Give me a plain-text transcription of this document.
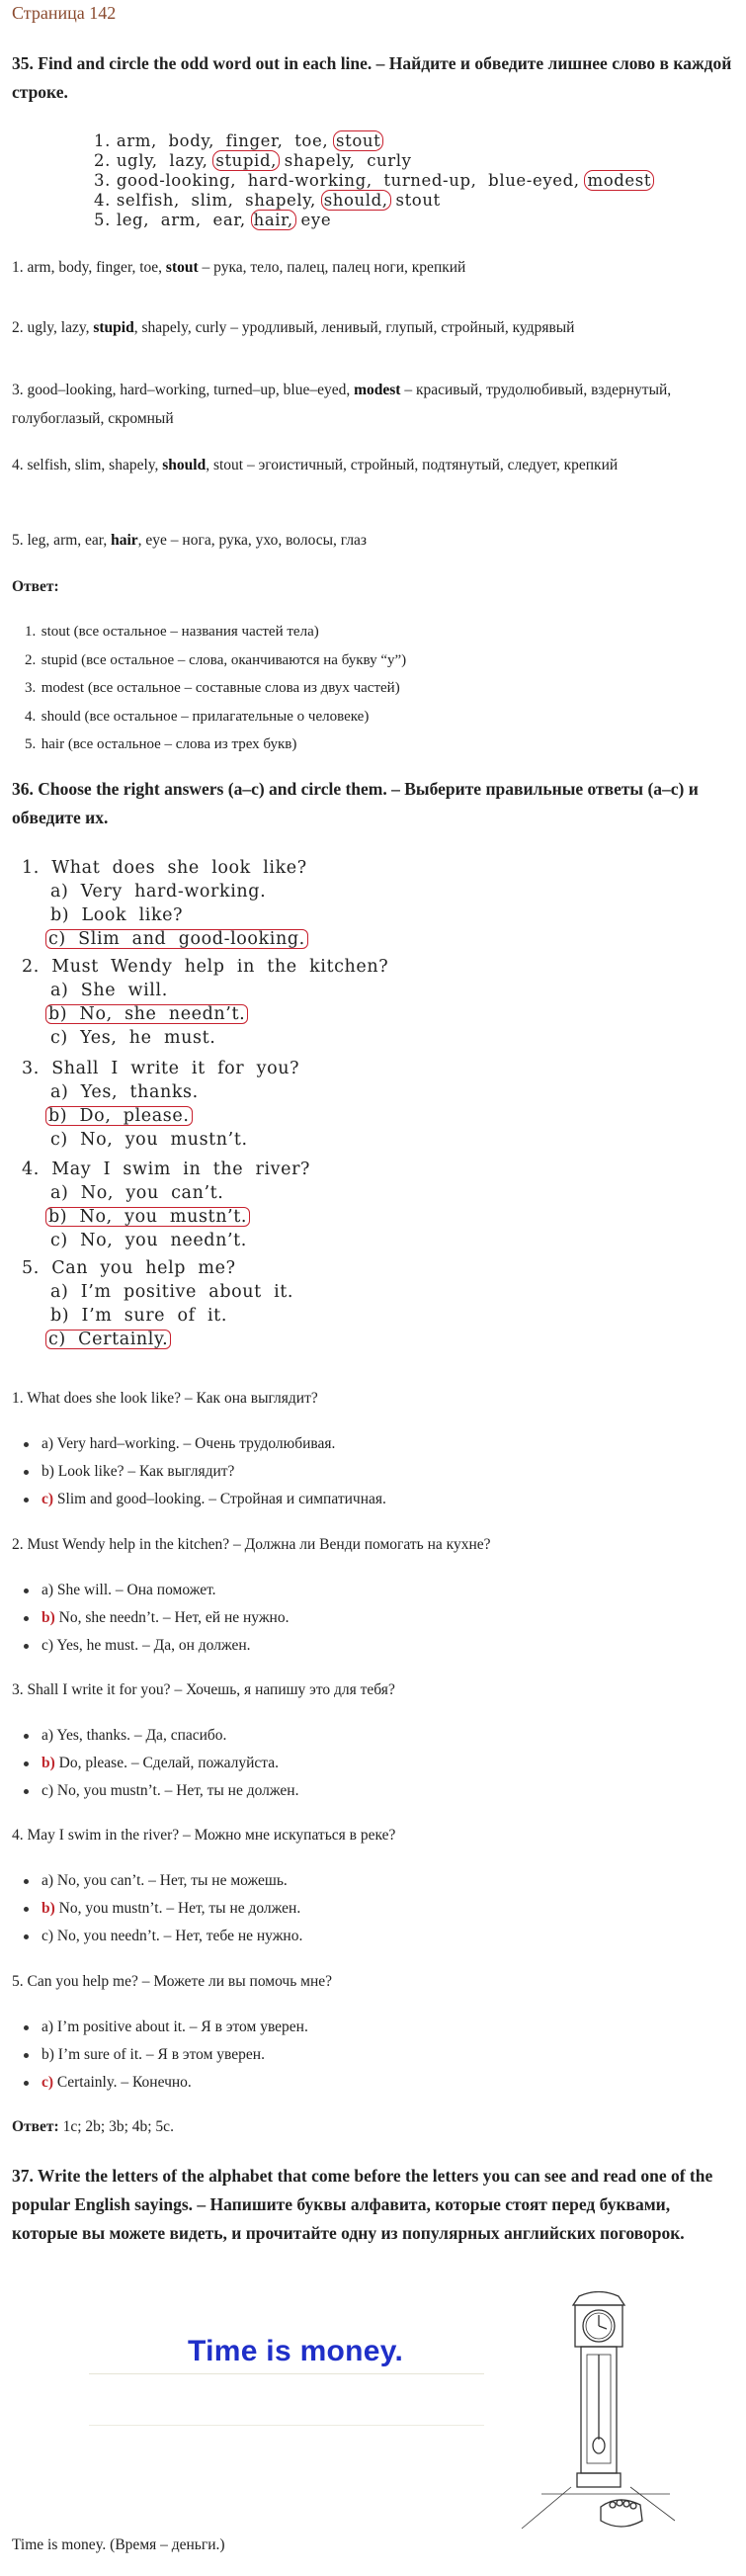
Страница 142
35. Find and circle the odd word out in each line. – Найдите и обведите лишнее слово в каждой строке.
1. arm,  body,  finger,  toe, stout
2. ugly,  lazy, stupid, shapely,  curly
3. good-looking,  hard-working,  turned-up,  blue-eyed, modest
4. selfish,  slim,  shapely, should, stout
5. leg,  arm,  ear, hair, eye
1. arm, body, finger, toe, stout – рука, тело, палец, палец ноги, крепкий
2. ugly, lazy, stupid, shapely, curly – уродливый, ленивый, глупый, стройный, кудрявый
3. good–looking, hard–working, turned–up, blue–eyed, modest – красивый, трудолюбивый, вздернутый, голубоглазый, скромный
4. selfish, slim, shapely, should, stout – эгоистичный, стройный, подтянутый, следует, крепкий
5. leg, arm, ear, hair, eye – нога, рука, ухо, волосы, глаз
Ответ:
1. stout (все остальное – названия частей тела)
2. stupid (все остальное – слова, оканчиваются на букву “у”)
3. modest (все остальное – составные слова из двух частей)
4. should (все остальное – прилагательные о человеке)
5. hair (все остальное – слова из трех букв)
36. Choose the right answers (a–c) and circle them. – Выберите правильные ответы (a–c) и обведите их.
1.  What  does  she  look  like?
a)  Very  hard-working.
b)  Look  like?
c)  Slim  and  good-looking.
2.  Must  Wendy  help  in  the  kitchen?
a)  She  will.
b)  No,  she  needn’t.
c)  Yes,  he  must.
3.  Shall  I  write  it  for  you?
a)  Yes,  thanks.
b)  Do,  please.
c)  No,  you  mustn’t.
4.  May  I  swim  in  the  river?
a)  No,  you  can’t.
b)  No,  you  mustn’t.
c)  No,  you  needn’t.
5.  Can  you  help  me?
a)  I’m  positive  about  it.
b)  I’m  sure  of  it.
c)  Certainly.
1. What does she look like? – Как она выглядит?
a) Very hard–working. – Очень трудолюбивая.
b) Look like? – Как выглядит?
c) Slim and good–looking. – Стройная и симпатичная.
2. Must Wendy help in the kitchen? – Должна ли Венди помогать на кухне?
a) She will. – Она поможет.
b) No, she needn’t. – Нет, ей не нужно.
c) Yes, he must. – Да, он должен.
3. Shall I write it for you? – Хочешь, я напишу это для тебя?
a) Yes, thanks. – Да, спасибо.
b) Do, please. – Сделай, пожалуйста.
c) No, you mustn’t. – Нет, ты не должен.
4. May I swim in the river? – Можно мне искупаться в реке?
a) No, you can’t. – Нет, ты не можешь.
b) No, you mustn’t. – Нет, ты не должен.
c) No, you needn’t. – Нет, тебе не нужно.
5. Can you help me? – Можете ли вы помочь мне?
a) I’m positive about it. – Я в этом уверен.
b) I’m sure of it. – Я в этом уверен.
c) Certainly. – Конечно.
Ответ: 1c; 2b; 3b; 4b; 5c.
37. Write the letters of the alphabet that come before the letters you can see and read one of the popular English sayings. – Напишите буквы алфавита, которые стоят перед буквами, которые вы можете видеть, и прочитайте одну из популярных английских поговорок.
Time is money.
Time is money. (Время – деньги.)
